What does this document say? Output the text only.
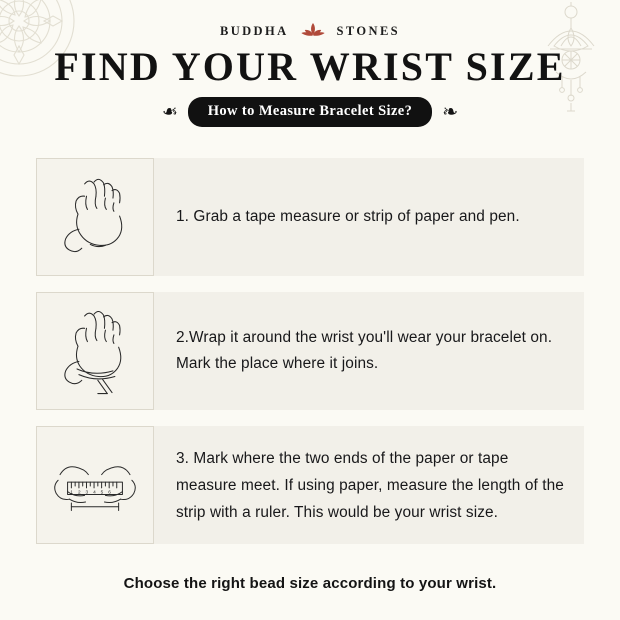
BUDDHA	STONES
FIND YOUR WRIST SIZE
❧	How to Measure Bracelet Size?	❧

1. Grab a tape measure or strip of paper and pen.

2.Wrap it around the wrist you'll wear your bracelet on. Mark the place where it joins.

1 2 3 4 5 6

3. Mark where the two ends of the paper or tape measure meet. If using paper, measure the length of the strip with a ruler. This would be your wrist size.

Choose the right bead size according to your wrist.
